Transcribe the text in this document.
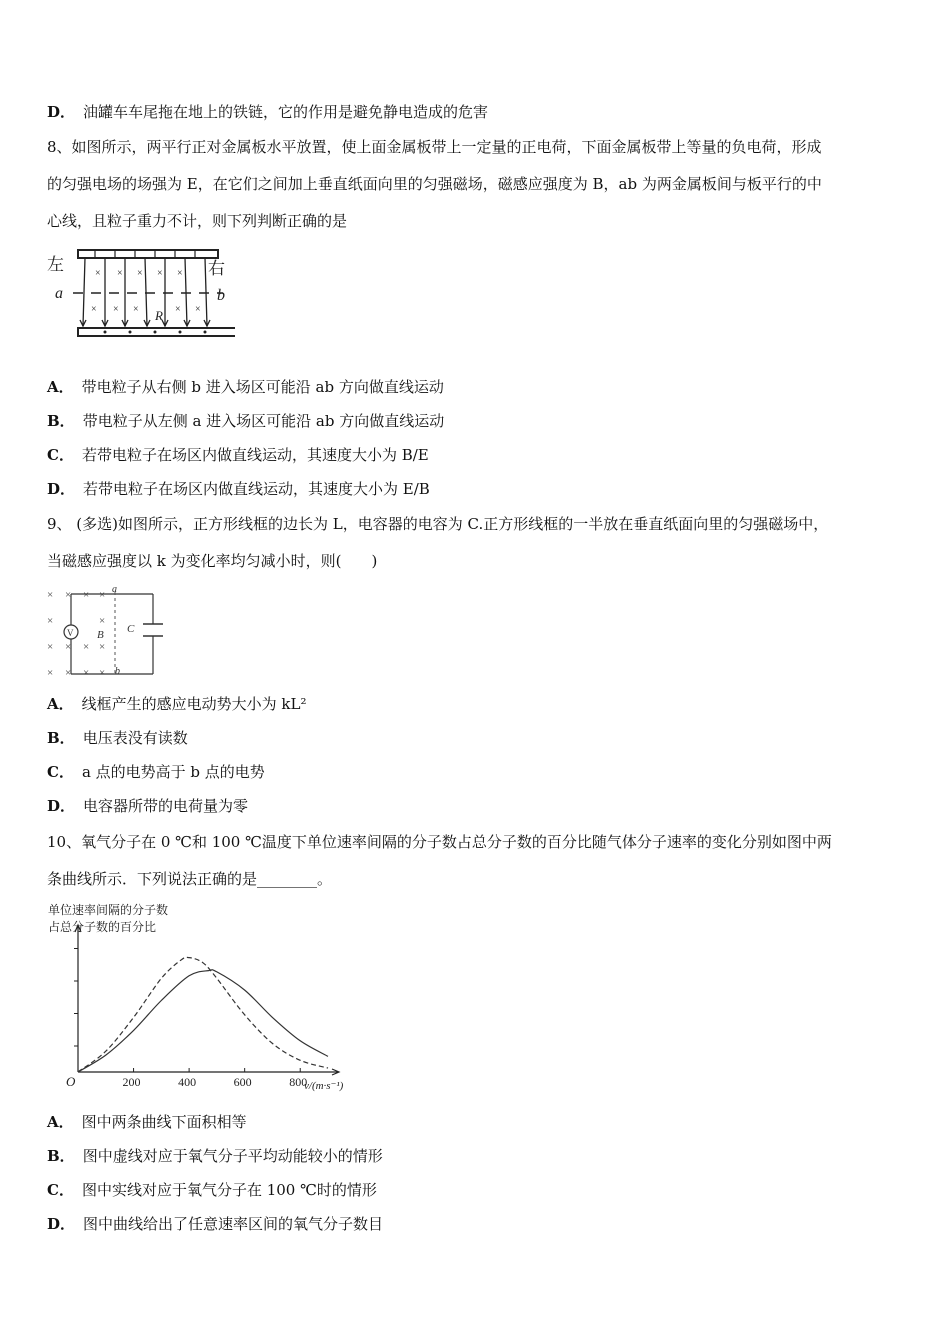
D． 油罐车车尾拖在地上的铁链，它的作用是避免静电造成的危害
8、如图所示，两平行正对金属板水平放置，使上面金属板带上一定量的正电荷，下面金属板带上等量的负电荷，形成
的匀强电场的场强为 E，在它们之间加上垂直纸面向里的匀强磁场，磁感应强度为 B，ab 为两金属板间与板平行的中
心线，且粒子重力不计，则下列判断正确的是
× × × × ×
× × ×	× ×
左	右
a	b
R
A． 带电粒子从右侧 b 进入场区可能沿 ab 方向做直线运动
B． 带电粒子从左侧 a 进入场区可能沿 ab 方向做直线运动
C． 若带电粒子在场区内做直线运动，其速度大小为 B/E
D． 若带电粒子在场区内做直线运动，其速度大小为 E/B
9、 (多选)如图所示，正方形线框的边长为 L，电容器的电容为 C.正方形线框的一半放在垂直纸面向里的匀强磁场中，
当磁感应强度以 k 为变化率均匀减小时，则(　　)
× × × ×
×	×
× × × ×
× × × ×
V B C
a
b
A． 线框产生的感应电动势大小为 kL²
B． 电压表没有读数
C． a 点的电势高于 b 点的电势
D． 电容器所带的电荷量为零
10、氧气分子在 0 ℃和 100 ℃温度下单位速率间隔的分子数占总分子数的百分比随气体分子速率的变化分别如图中两
条曲线所示．下列说法正确的是________。
单位速率间隔的分子数
占总分子数的百分比
200	400	600	800
O	v/(m·s⁻¹)
A． 图中两条曲线下面积相等
B． 图中虚线对应于氧气分子平均动能较小的情形
C． 图中实线对应于氧气分子在 100 ℃时的情形
D． 图中曲线给出了任意速率区间的氧气分子数目
